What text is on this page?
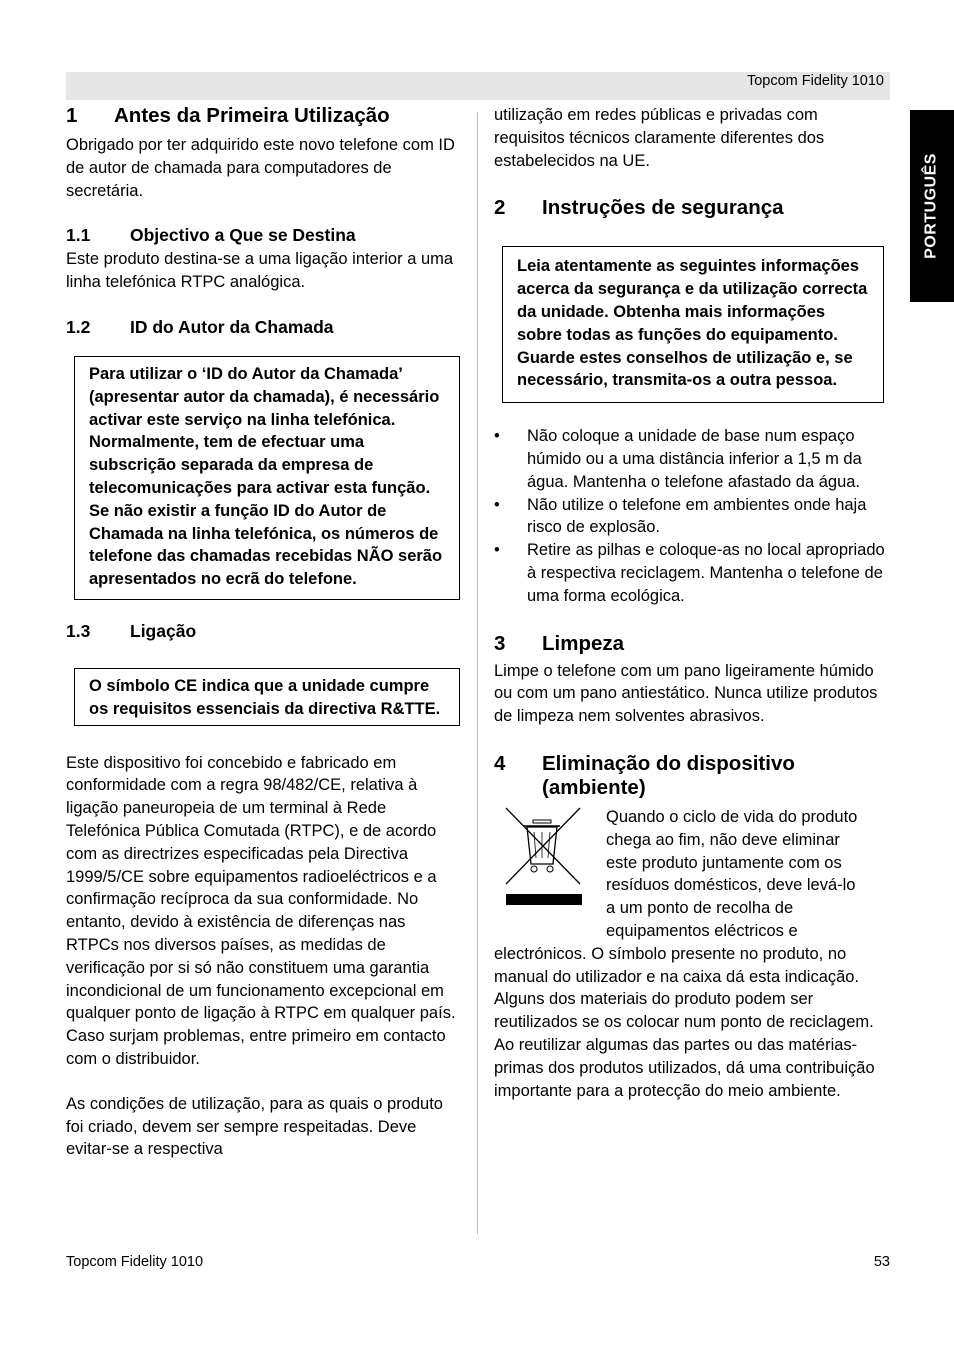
Topcom Fidelity 1010
PORTUGUÊS
1	Antes da Primeira Utilização

Obrigado por ter adquirido este novo telefone com ID de autor de chamada para computadores de secretária.

1.1	Objectivo a Que se Destina

Este produto destina-se a uma ligação interior a uma linha telefónica RTPC analógica.

1.2	ID do Autor da Chamada
Para utilizar o ‘ID do Autor da Chamada’ (apresentar autor da chamada), é necessário activar este serviço na linha telefónica. Normalmente, tem de efectuar uma subscrição separada da empresa de telecomunicações para activar esta função. Se não existir a função ID do Autor de Chamada na linha telefónica, os números de telefone das chamadas recebidas NÃO serão apresentados no ecrã do telefone.
1.3	Ligação
O símbolo CE indica que a unidade cumpre os requisitos essenciais da directiva R&TTE.

Este dispositivo foi concebido e fabricado em conformidade com a regra 98/482/CE, relativa à ligação paneuropeia de um terminal à Rede Telefónica Pública Comutada (RTPC), e de acordo com as directrizes especificadas pela Directiva 1999/5/CE sobre equipamentos radioeléctricos e a confirmação recíproca da sua conformidade. No entanto, devido à existência de diferenças nas RTPCs nos diversos países, as medidas de verificação por si só não constituem uma garantia incondicional de um funcionamento excepcional em qualquer ponto de ligação à RTPC em qualquer país. Caso surjam problemas, entre primeiro em contacto com o distribuidor.

As condições de utilização, para as quais o produto foi criado, devem ser sempre respeitadas. Deve evitar-se a respectiva

utilização em redes públicas e privadas com requisitos técnicos claramente diferentes dos estabelecidos na UE.

2	Instruções de segurança
Leia atentamente as seguintes informações acerca da segurança e da utilização correcta da unidade. Obtenha mais informações sobre todas as funções do equipamento. Guarde estes conselhos de utilização e, se necessário, transmita-os a outra pessoa.
• Não coloque a unidade de base num espaço húmido ou a uma distância inferior a 1,5 m da água. Mantenha o telefone afastado da água.
• Não utilize o telefone em ambientes onde haja risco de explosão.
• Retire as pilhas e coloque-as no local apropriado à respectiva reciclagem. Mantenha o telefone de uma forma ecológica.
3	Limpeza

Limpe o telefone com um pano ligeiramente húmido ou com um pano antiestático. Nunca utilize produtos de limpeza nem solventes abrasivos.

4	Eliminação do dispositivo
(ambiente)

Quando o ciclo de vida do produto

chega ao fim, não deve eliminar

este produto juntamente com os

resíduos domésticos, deve levá-lo

a um ponto de recolha de

equipamentos eléctricos e

electrónicos. O símbolo presente no produto, no manual do utilizador e na caixa dá esta indicação. Alguns dos materiais do produto podem ser reutilizados se os colocar num ponto de reciclagem. Ao reutilizar algumas das partes ou das matérias-primas dos produtos utilizados, dá uma contribuição importante para a protecção do meio ambiente.

Topcom Fidelity 1010	53
